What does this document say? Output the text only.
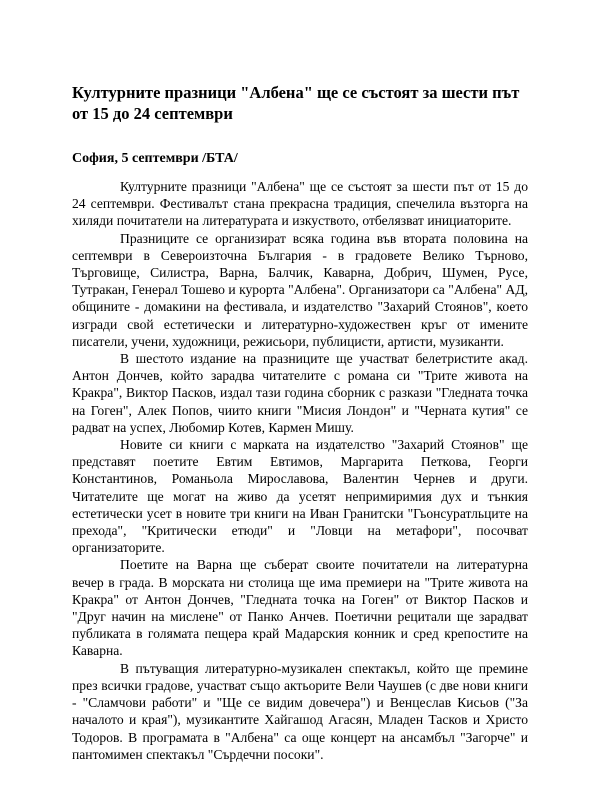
Културните празници "Албена" ще се състоят за шести път от 15 до 24 септември

София, 5 септември /БТА/

Културните празници "Албена" ще се състоят за шести път от 15 до 24 септември. Фестивалът стана прекрасна традиция, спечелила възторга на хиляди почитатели на литературата и изкуството, отбелязват инициаторите.

Празниците се организират всяка година във втората половина на септември в Североизточна България - в градовете Велико Търново, Търговище, Силистра, Варна, Балчик, Каварна, Добрич, Шумен, Русе, Тутракан, Генерал Тошево и курорта "Албена". Организатори са "Албена" АД, общините - домакини на фестивала, и издателство "Захарий Стоянов", което изгради свой естетически и литературно-художествен кръг от имените писатели, учени, художници, режисьори, публицисти, артисти, музиканти.

В шестото издание на празниците ще участват белетристите акад. Антон Дончев, който зарадва читателите с романа си "Трите живота на Кракра", Виктор Пасков, издал тази година сборник с разкази "Гледната точка на Гоген", Алек Попов, чиито книги "Мисия Лондон" и "Черната кутия" се радват на успех, Любомир Котев, Кармен Мишу.

Новите си книги с марката на издателство "Захарий Стоянов" ще представят поетите Евтим Евтимов, Маргарита Петкова, Георги Константинов, Романьола Мирославова, Валентин Чернев и други. Читателите ще могат на живо да усетят непримиримия дух и тънкия естетически усет в новите три книги на Иван Гранитски "Гьонсуратльците на прехода", "Критически етюди" и "Ловци на метафори", посочват организаторите.

Поетите на Варна ще съберат своите почитатели на литературна вечер в града. В морската ни столица ще има премиери на "Трите живота на Кракра" от Антон Дончев, "Гледната точка на Гоген" от Виктор Пасков и "Друг начин на мислене" от Панко Анчев. Поетични рецитали ще зарадват публиката в голямата пещера край Мадарския конник и сред крепостите на Каварна.

В пътуващия литературно-музикален спектакъл, който ще премине през всички градове, участват също актьорите Вели Чаушев (с две нови книги - "Сламчови работи" и "Ще се видим довечера") и Венцеслав Кисьов ("За началото и края"), музикантите Хайгашод Агасян, Младен Тасков и Христо Тодоров. В програмата в "Албена" са още концерт на ансамбъл "Загорче" и пантомимен спектакъл "Сърдечни посоки".
